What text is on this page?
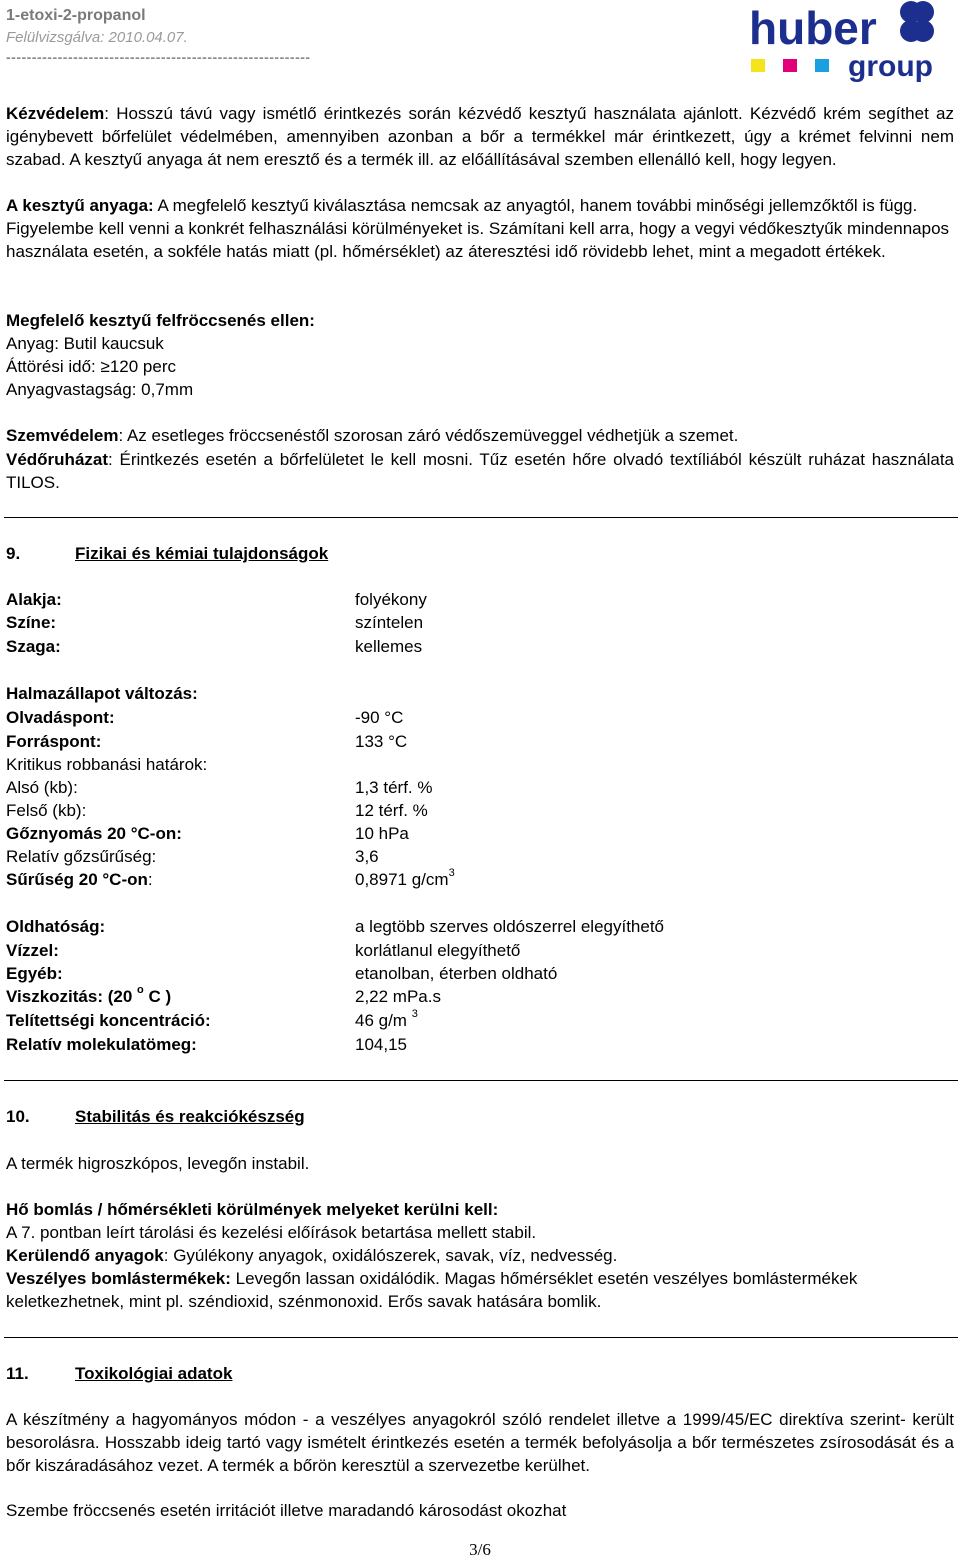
1-etoxi-2-propanol
Felülvizsgálva: 2010.04.07.
-----------------------------------------------------------
huber
group
Kézvédelem: Hosszú távú vagy ismétlő érintkezés során kézvédő kesztyű használata ajánlott. Kézvédő krém segíthet az igénybevett bőrfelület védelmében, amennyiben azonban a bőr a termékkel már érintkezett, úgy a krémet felvinni nem szabad. A kesztyű anyaga át nem eresztő és a termék ill. az előállításával szemben ellenálló kell, hogy legyen.
A kesztyű anyaga: A megfelelő kesztyű kiválasztása nemcsak az anyagtól, hanem további minőségi jellemzőktől is függ. Figyelembe kell venni a konkrét felhasználási körülményeket is. Számítani kell arra, hogy a vegyi védőkesztyűk mindennapos használata esetén, a sokféle hatás miatt (pl. hőmérséklet) az áteresztési idő rövidebb lehet, mint a megadott értékek.
Megfelelő kesztyű felfröccsenés ellen:
Anyag: Butil kaucsuk
Áttörési idő: ≥120 perc
Anyagvastagság: 0,7mm
Szemvédelem: Az esetleges fröccsenéstől szorosan záró védőszemüveggel védhetjük a szemet.
Védőruházat: Érintkezés esetén a bőrfelületet le kell mosni. Tűz esetén hőre olvadó textíliából készült ruházat használata TILOS.
9.	Fizikai és kémiai tulajdonságok
Alakja:	folyékony
Színe:	színtelen
Szaga:	kellemes
Halmazállapot változás:
Olvadáspont:	-90 °C
Forráspont:	133 °C
Kritikus robbanási határok:
Alsó (kb):	1,3 térf. %
Felső (kb):	12 térf. %
Gőznyomás 20 °C-on:	10 hPa
Relatív gőzsűrűség:	3,6
Sűrűség 20 °C-on:	0,8971 $g/cm^3$
Oldhatóság:	a legtöbb szerves oldószerrel elegyíthető
Vízzel:	korlátlanul elegyíthető
Egyéb:	etanolban, éterben oldható
Viszkozitás: (20 $^o$ C )	2,22 mPa.s
Telítettségi koncentráció:	46 g/m $^3$
Relatív molekulatömeg:	104,15
10.	Stabilitás és reakciókészség
A termék higroszkópos, levegőn instabil.
Hő bomlás / hőmérsékleti körülmények melyeket kerülni kell:
A 7. pontban leírt tárolási és kezelési előírások betartása mellett stabil.
Kerülendő anyagok: Gyúlékony anyagok, oxidálószerek, savak, víz, nedvesség.
Veszélyes bomlástermékek: Levegőn lassan oxidálódik. Magas hőmérséklet esetén veszélyes bomlástermékek keletkezhetnek, mint pl. széndioxid, szénmonoxid. Erős savak hatására bomlik.
11.	Toxikológiai adatok
A készítmény a hagyományos módon - a veszélyes anyagokról szóló rendelet illetve a 1999/45/EC direktíva szerint- került besorolásra. Hosszabb ideig tartó vagy ismételt érintkezés esetén a termék befolyásolja a bőr természetes zsírosodását és a bőr kiszáradásához vezet. A termék a bőrön keresztül a szervezetbe kerülhet.
Szembe fröccsenés esetén irritációt illetve maradandó károsodást okozhat
3/6
